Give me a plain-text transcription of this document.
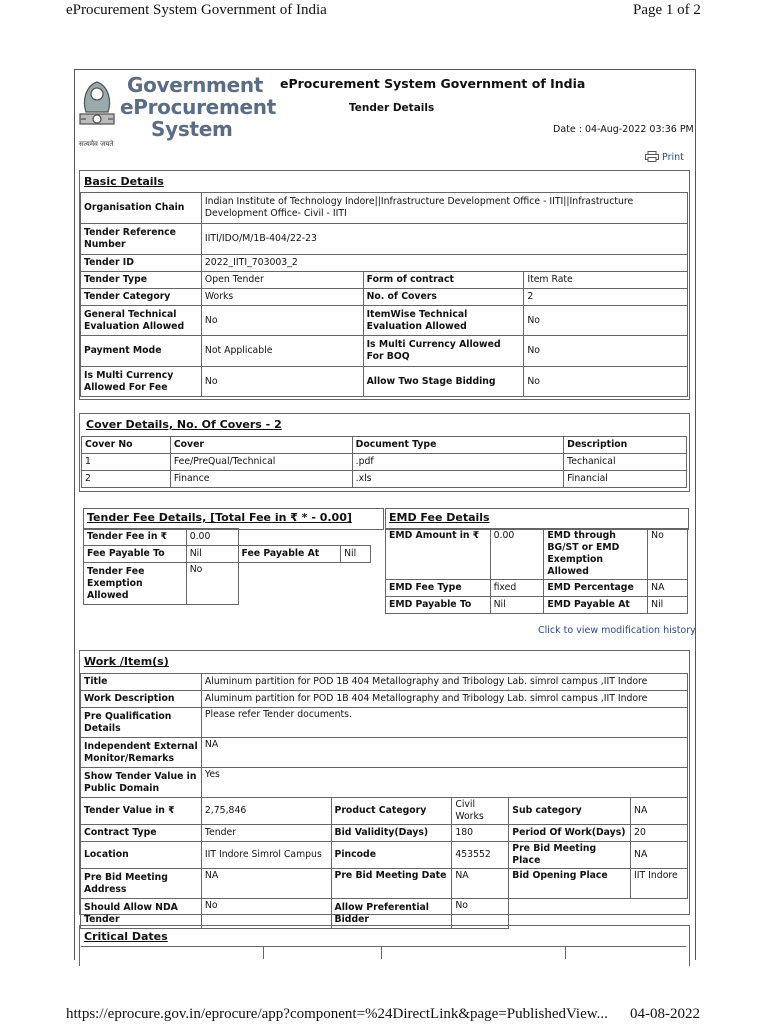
eProcurement System Government of India	Page 1 of 2
Government
eProcurement
System
सत्यमेव जयते
eProcurement System Government of India
Tender Details
Date : 04-Aug-2022 03:36 PM
Print
Basic Details
Organisation Chain	Indian Institute of Technology Indore||Infrastructure Development Office - IITI||Infrastructure Development Office- Civil - IITI		
Tender Reference Number	IITI/IDO/M/1B-404/22-23		
Tender ID	2022_IITI_703003_2		
Tender Type	Open Tender	Form of contract	Item Rate
Tender Category	Works	No. of Covers	2
General Technical Evaluation Allowed	No	ItemWise Technical Evaluation Allowed	No
Payment Mode	Not Applicable	Is Multi Currency Allowed For BOQ	No
Is Multi Currency Allowed For Fee	No	Allow Two Stage Bidding	No
Cover Details, No. Of Covers - 2
Cover No	Cover	Document Type	Description
1	Fee/PreQual/Technical	.pdf	Techanical
2	Finance	.xls	Financial
Tender Fee Details, [Total Fee in ₹ * - 0.00]
Tender Fee in ₹	0.00		
Fee Payable To	Nil	Fee Payable At	Nil
Tender Fee Exemption Allowed	No		
EMD Fee Details
EMD Amount in ₹	0.00	EMD through BG/ST or EMD Exemption Allowed	No
EMD Fee Type	fixed	EMD Percentage	NA
EMD Payable To	Nil	EMD Payable At	Nil
Click to view modification history
Work /Item(s)
Title	Aluminum partition for POD 1B 404 Metallography and Tribology Lab. simrol campus ,IIT Indore				
Work Description	Aluminum partition for POD 1B 404 Metallography and Tribology Lab. simrol campus ,IIT Indore				
Pre Qualification Details	Please refer Tender documents.				
Independent External Monitor/Remarks	NA				
Show Tender Value in Public Domain	Yes				
Tender Value in ₹	2,75,846	Product Category	Civil Works	Sub category	NA
Contract Type	Tender	Bid Validity(Days)	180	Period Of Work(Days)	20
Location	IIT Indore Simrol Campus	Pincode	453552	Pre Bid Meeting Place	NA
Pre Bid Meeting Address	NA	Pre Bid Meeting Date	NA	Bid Opening Place	IIT Indore
Should Allow NDA Tender	No	Allow Preferential Bidder	No		
Critical Dates
https://eprocure.gov.in/eprocure/app?component=%24DirectLink&page=PublishedView... 04-08-2022
